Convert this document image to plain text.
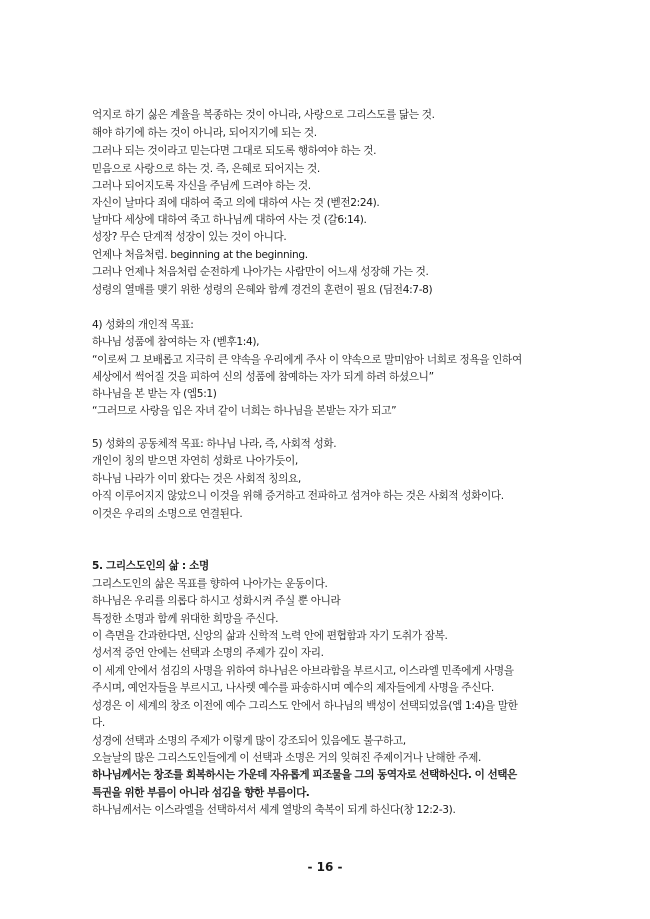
억지로 하기 싫은 계율을 복종하는 것이 아니라, 사랑으로 그리스도를 닮는 것.
해야 하기에 하는 것이 아니라, 되어지기에 되는 것.
그러나 되는 것이라고 믿는다면 그대로 되도록 행하여야 하는 것.
믿음으로 사랑으로 하는 것. 즉, 은혜로 되어지는 것.
그러나 되어지도록 자신을 주님께 드려야 하는 것.
자신이 날마다 죄에 대하여 죽고 의에 대하여 사는 것 (벧전2:24).
날마다 세상에 대하여 죽고 하나님께 대하여 사는 것 (갈6:14).
성장? 무슨 단계적 성장이 있는 것이 아니다.
언제나 처음처럼. beginning at the beginning.
그러나 언제나 처음처럼 순전하게 나아가는 사람만이 어느새 성장해 가는 것.
성령의 열매를 맺기 위한 성령의 은혜와 함께 경건의 훈련이 필요 (딤전4:7-8)
4) 성화의 개인적 목표:
하나님 성품에 참여하는 자 (벧후1:4),
“이로써 그 보배롭고 지극히 큰 약속을 우리에게 주사 이 약속으로 말미암아 너희로 정욕을 인하여
세상에서 썩어질 것을 피하여 신의 성품에 참예하는 자가 되게 하려 하셨으니”
하나님을 본 받는 자 (엡5:1)
“그러므로 사랑을 입은 자녀 같이 너희는 하나님을 본받는 자가 되고”
5) 성화의 공동체적 목표: 하나님 나라, 즉, 사회적 성화.
개인이 칭의 받으면 자연히 성화로 나아가듯이,
하나님 나라가 이미 왔다는 것은 사회적 칭의요,
아직 이루어지지 않았으니 이것을 위해 증거하고 전파하고 섬겨야 하는 것은 사회적 성화이다.
이것은 우리의 소명으로 연결된다.
5. 그리스도인의 삶 : 소명
그리스도인의 삶은 목표를 향하여 나아가는 운동이다.
하나님은 우리를 의롭다 하시고 성화시켜 주실 뿐 아니라
특정한 소명과 함께 위대한 희망을 주신다.
이 측면을 간과한다면, 신앙의 삶과 신학적 노력 안에 편협함과 자기 도취가 잠복.
성서적 증언 안에는 선택과 소명의 주제가 깊이 자리.
이 세계 안에서 섬김의 사명을 위하여 하나님은 아브라함을 부르시고, 이스라엘 민족에게 사명을
주시며, 예언자들을 부르시고, 나사렛 예수를 파송하시며 예수의 제자들에게 사명을 주신다.
성경은 이 세계의 창조 이전에 예수 그리스도 안에서 하나님의 백성이 선택되었음(엡 1:4)을 말한
다.
성경에 선택과 소명의 주제가 이렇게 많이 강조되어 있음에도 불구하고,
오늘날의 많은 그리스도인들에게 이 선택과 소명은 거의 잊혀진 주제이거나 난해한 주제.
하나님께서는 창조를 회복하시는 가운데 자유롭게 피조물을 그의 동역자로 선택하신다. 이 선택은
특권을 위한 부름이 아니라 섬김을 향한 부름이다.
하나님께서는 이스라엘을 선택하셔서 세계 열방의 축복이 되게 하신다(창 12:2-3).
- 16 -
